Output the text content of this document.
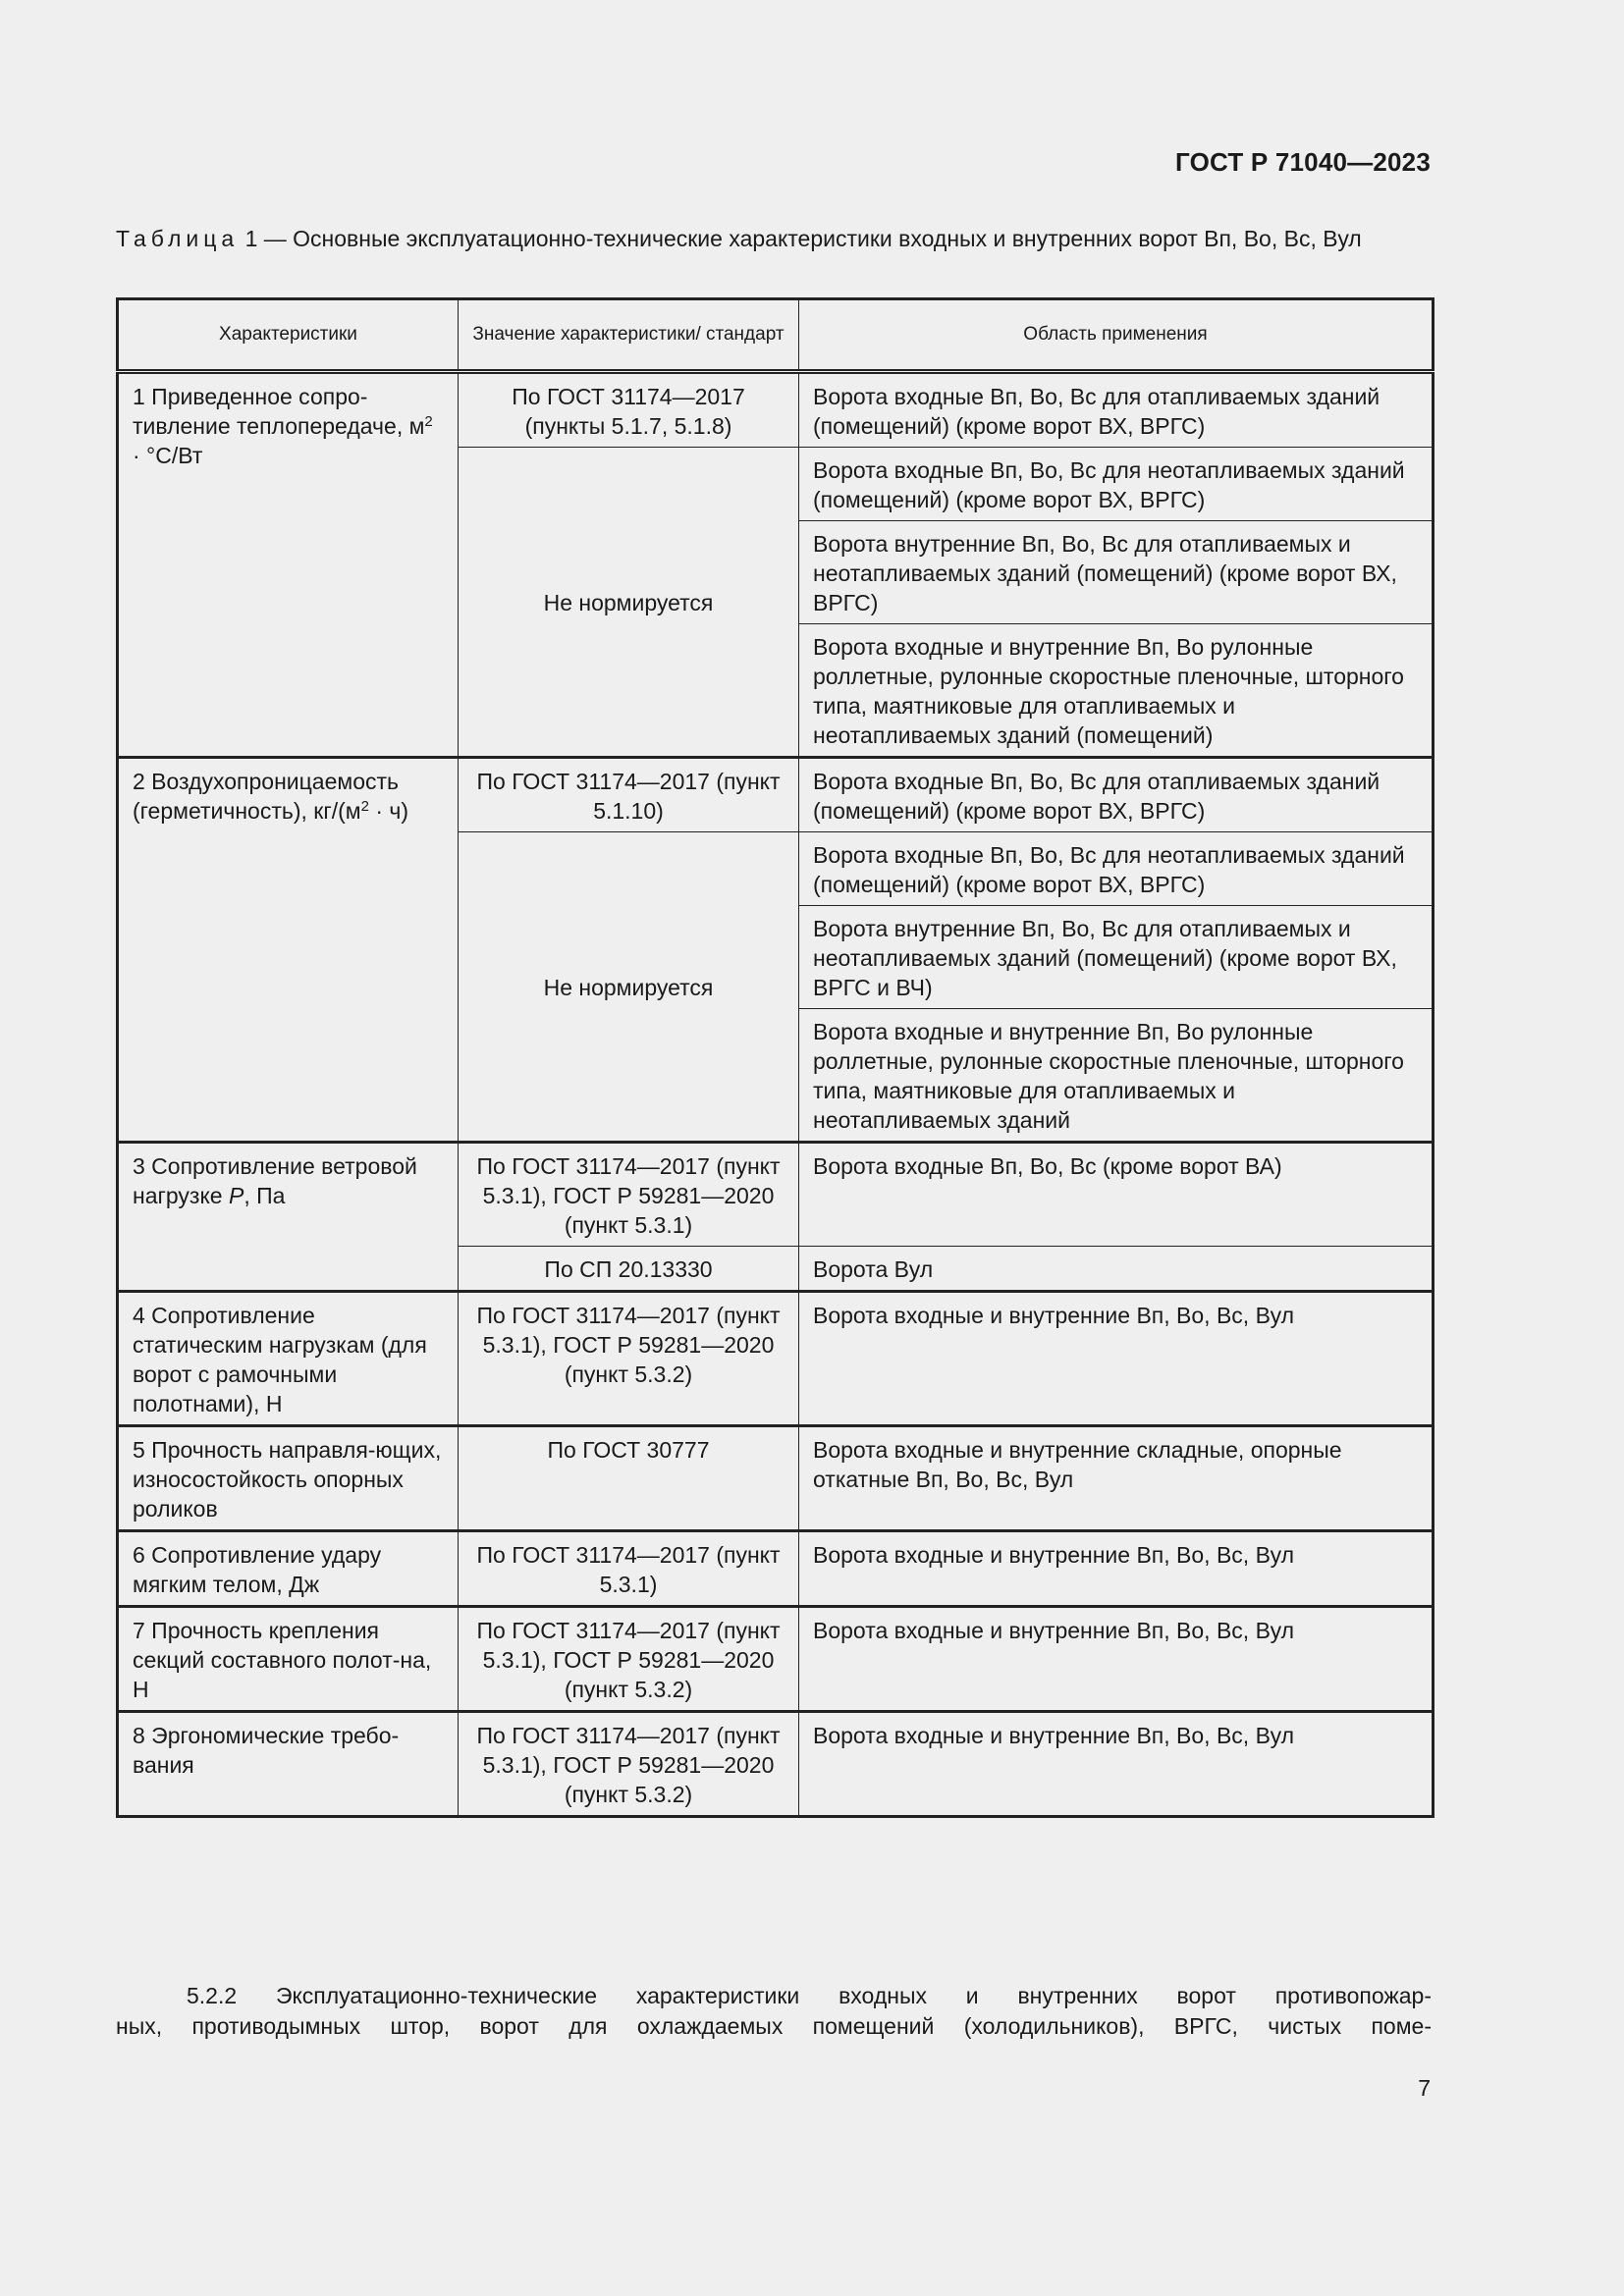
ГОСТ Р 71040—2023
Таблица 1 — Основные эксплуатационно-технические характеристики входных и внутренних ворот Вп, Во, Вс, Вул
Характеристики	Значение характеристики/ стандарт	Область применения
1 Приведенное сопро-тивление теплопередаче, $м^2 \cdot ^\circ С/Вт$	По ГОСТ 31174—2017 (пункты 5.1.7, 5.1.8)	Ворота входные Вп, Во, Вс для отапливаемых зданий (помещений) (кроме ворот ВХ, ВРГС)
	Не нормируется	Ворота входные Вп, Во, Вс для неотапливаемых зданий (помещений) (кроме ворот ВХ, ВРГС)
		Ворота внутренние Вп, Во, Вс для отапливаемых и неотапливаемых зданий (помещений) (кроме ворот ВХ, ВРГС)
		Ворота входные и внутренние Вп, Во рулонные роллетные, рулонные скоростные пленочные, шторного типа, маятниковые для отапливаемых и неотапливаемых зданий (помещений)
2 Воздухопроницаемость (герметичность), $кг/(м^2 \cdot ч)$	По ГОСТ 31174—2017 (пункт 5.1.10)	Ворота входные Вп, Во, Вс для отапливаемых зданий (помещений) (кроме ворот ВХ, ВРГС)
	Не нормируется	Ворота входные Вп, Во, Вс для неотапливаемых зданий (помещений) (кроме ворот ВХ, ВРГС)
		Ворота внутренние Вп, Во, Вс для отапливаемых и неотапливаемых зданий (помещений) (кроме ворот ВХ, ВРГС и ВЧ)
		Ворота входные и внутренние Вп, Во рулонные роллетные, рулонные скоростные пленочные, шторного типа, маятниковые для отапливаемых и неотапливаемых зданий
3 Сопротивление ветровой нагрузке Р, Па	По ГОСТ 31174—2017 (пункт 5.3.1), ГОСТ Р 59281—2020 (пункт 5.3.1)	Ворота входные Вп, Во, Вс (кроме ворот ВА)
	По СП 20.13330	Ворота Вул
4 Сопротивление статическим нагрузкам (для ворот с рамочными полотнами), Н	По ГОСТ 31174—2017 (пункт 5.3.1), ГОСТ Р 59281—2020 (пункт 5.3.2)	Ворота входные и внутренние Вп, Во, Вс, Вул
5 Прочность направля-ющих, износостойкость опорных роликов	По ГОСТ 30777	Ворота входные и внутренние складные, опорные откатные Вп, Во, Вс, Вул
6 Сопротивление удару мягким телом, Дж	По ГОСТ 31174—2017 (пункт 5.3.1)	Ворота входные и внутренние Вп, Во, Вс, Вул
7 Прочность крепления секций составного полот-на, Н	По ГОСТ 31174—2017 (пункт 5.3.1), ГОСТ Р 59281—2020 (пункт 5.3.2)	Ворота входные и внутренние Вп, Во, Вс, Вул
8 Эргономические требо-вания	По ГОСТ 31174—2017 (пункт 5.3.1), ГОСТ Р 59281—2020 (пункт 5.3.2)	Ворота входные и внутренние Вп, Во, Вс, Вул
5.2.2 Эксплуатационно-технические характеристики входных и внутренних ворот противопожар-
ных, противодымных штор, ворот для охлаждаемых помещений (холодильников), ВРГС, чистых поме-
7
